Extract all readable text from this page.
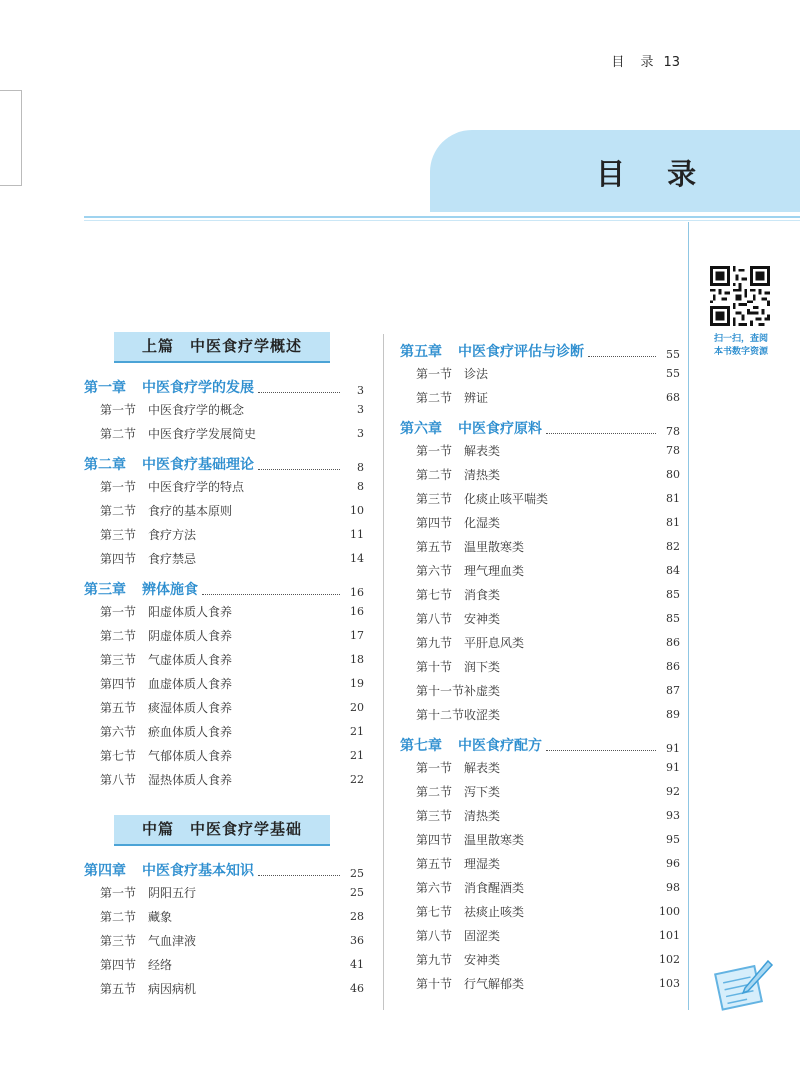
目 录 13
目 录
扫一扫，查阅
本书数字资源
上篇　中医食疗学概述
第一章 中医食疗学的发展	3
第一节 中医食疗学的概念	3
第二节 中医食疗学发展简史	3
第二章 中医食疗基础理论	8
第一节 中医食疗学的特点	8
第二节 食疗的基本原则	10
第三节 食疗方法	11
第四节 食疗禁忌	14
第三章 辨体施食	16
第一节 阳虚体质人食养	16
第二节 阴虚体质人食养	17
第三节 气虚体质人食养	18
第四节 血虚体质人食养	19
第五节 痰湿体质人食养	20
第六节 瘀血体质人食养	21
第七节 气郁体质人食养	21
第八节 湿热体质人食养	22
中篇　中医食疗学基础
第四章 中医食疗基本知识	25
第一节 阴阳五行	25
第二节 藏象	28
第三节 气血津液	36
第四节 经络	41
第五节 病因病机	46
第五章 中医食疗评估与诊断	55
第一节 诊法	55
第二节 辨证	68
第六章 中医食疗原料	78
第一节 解表类	78
第二节 清热类	80
第三节 化痰止咳平喘类	81
第四节 化湿类	81
第五节 温里散寒类	82
第六节 理气理血类	84
第七节 消食类	85
第八节 安神类	85
第九节 平肝息风类	86
第十节 润下类	86
第十一节 补虚类	87
第十二节 收涩类	89
第七章 中医食疗配方	91
第一节 解表类	91
第二节 泻下类	92
第三节 清热类	93
第四节 温里散寒类	95
第五节 理湿类	96
第六节 消食醒酒类	98
第七节 祛痰止咳类	100
第八节 固涩类	101
第九节 安神类	102
第十节 行气解郁类	103
